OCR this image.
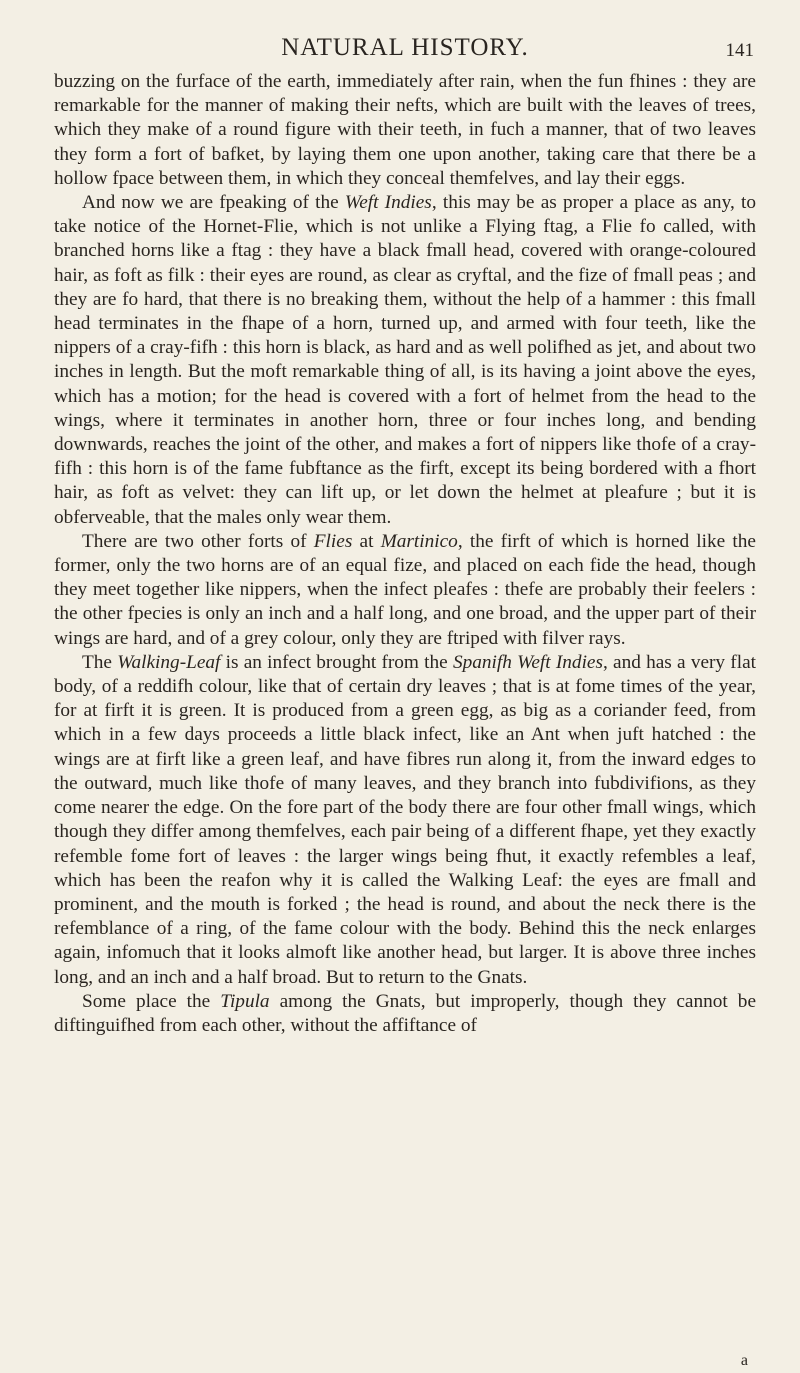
NATURAL HISTORY.	141

buzzing on the furface of the earth, immediately after rain, when the fun fhines : they are remarkable for the manner of making their nefts, which are built with the leaves of trees, which they make of a round figure with their teeth, in fuch a manner, that of two leaves they form a fort of bafket, by laying them one upon another, taking care that there be a hollow fpace between them, in which they conceal themfelves, and lay their eggs.

And now we are fpeaking of the Weft Indies, this may be as proper a place as any, to take notice of the Hornet-Flie, which is not unlike a Flying ftag, a Flie fo called, with branched horns like a ftag : they have a black fmall head, covered with orange-coloured hair, as foft as filk : their eyes are round, as clear as cryftal, and the fize of fmall peas ; and they are fo hard, that there is no breaking them, without the help of a hammer : this fmall head terminates in the fhape of a horn, turned up, and armed with four teeth, like the nippers of a cray-fifh : this horn is black, as hard and as well polifhed as jet, and about two inches in length. But the moft remarkable thing of all, is its having a joint above the eyes, which has a motion; for the head is covered with a fort of helmet from the head to the wings, where it terminates in another horn, three or four inches long, and bending downwards, reaches the joint of the other, and makes a fort of nippers like thofe of a cray-fifh : this horn is of the fame fubftance as the firft, except its being bordered with a fhort hair, as foft as velvet: they can lift up, or let down the helmet at pleafure ; but it is obferveable, that the males only wear them.

There are two other forts of Flies at Martinico, the firft of which is horned like the former, only the two horns are of an equal fize, and placed on each fide the head, though they meet together like nippers, when the infect pleafes : thefe are probably their feelers : the other fpecies is only an inch and a half long, and one broad, and the upper part of their wings are hard, and of a grey colour, only they are ftriped with filver rays.

The Walking-Leaf is an infect brought from the Spanifh Weft Indies, and has a very flat body, of a reddifh colour, like that of certain dry leaves ; that is at fome times of the year, for at firft it is green. It is produced from a green egg, as big as a coriander feed, from which in a few days proceeds a little black infect, like an Ant when juft hatched : the wings are at firft like a green leaf, and have fibres run along it, from the inward edges to the outward, much like thofe of many leaves, and they branch into fubdivifions, as they come nearer the edge. On the fore part of the body there are four other fmall wings, which though they differ among themfelves, each pair being of a different fhape, yet they exactly refemble fome fort of leaves : the larger wings being fhut, it exactly refembles a leaf, which has been the reafon why it is called the Walking Leaf: the eyes are fmall and prominent, and the mouth is forked ; the head is round, and about the neck there is the refemblance of a ring, of the fame colour with the body. Behind this the neck enlarges again, infomuch that it looks almoft like another head, but larger. It is above three inches long, and an inch and a half broad. But to return to the Gnats.

Some place the Tipula among the Gnats, but improperly, though they cannot be diftinguifhed from each other, without the affiftance of

a
